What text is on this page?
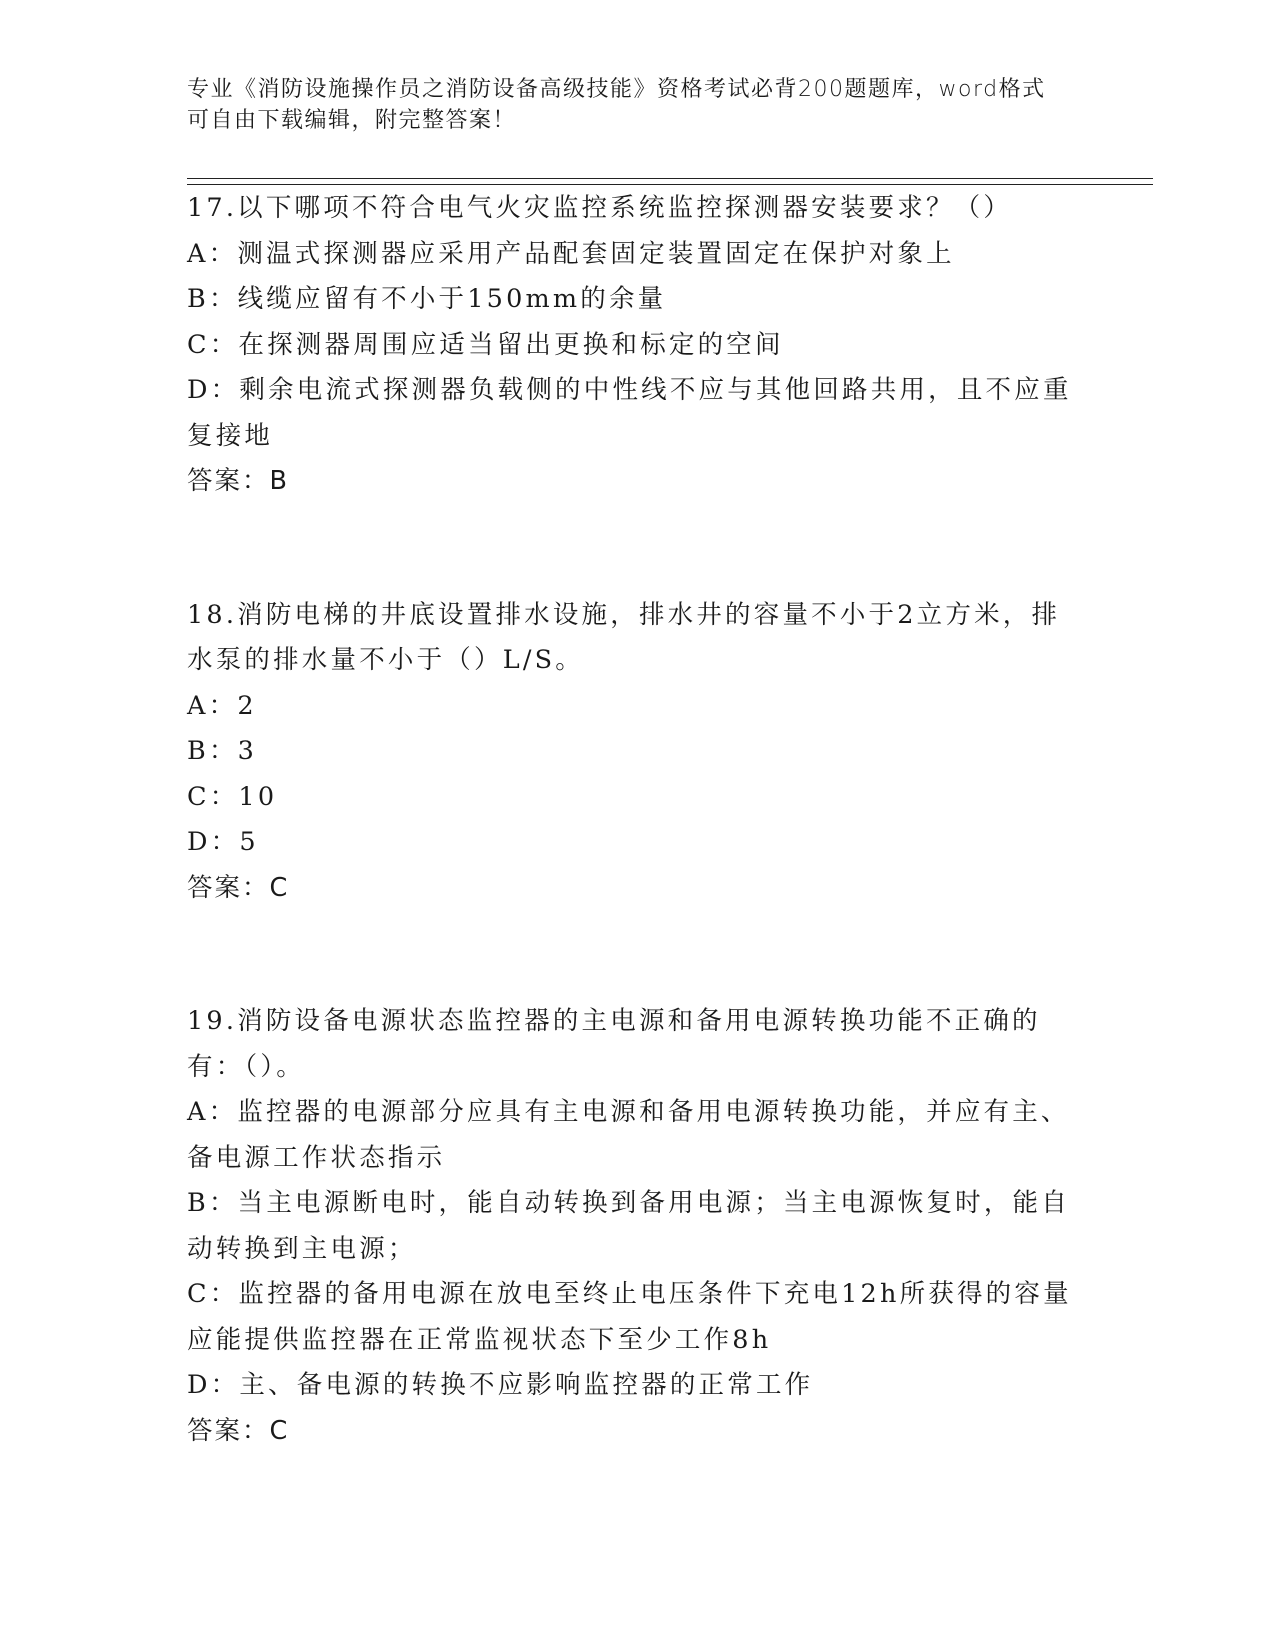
专业《消防设施操作员之消防设备高级技能》资格考试必背200题题库，word格式可自由下载编辑，附完整答案！
17.以下哪项不符合电气火灾监控系统监控探测器安装要求？（）
A：测温式探测器应采用产品配套固定装置固定在保护对象上
B：线缆应留有不小于150mm的余量
C：在探测器周围应适当留出更换和标定的空间
D：剩余电流式探测器负载侧的中性线不应与其他回路共用，且不应重复接地
答案：B
18.消防电梯的井底设置排水设施，排水井的容量不小于2立方米，排水泵的排水量不小于（）L/S。
A：2
B：3
C：10
D：5
答案：C
19.消防设备电源状态监控器的主电源和备用电源转换功能不正确的有：（）。
A：监控器的电源部分应具有主电源和备用电源转换功能，并应有主、备电源工作状态指示
B：当主电源断电时，能自动转换到备用电源；当主电源恢复时，能自动转换到主电源；
C：监控器的备用电源在放电至终止电压条件下充电12h所获得的容量应能提供监控器在正常监视状态下至少工作8h
D：主、备电源的转换不应影响监控器的正常工作
答案：C
